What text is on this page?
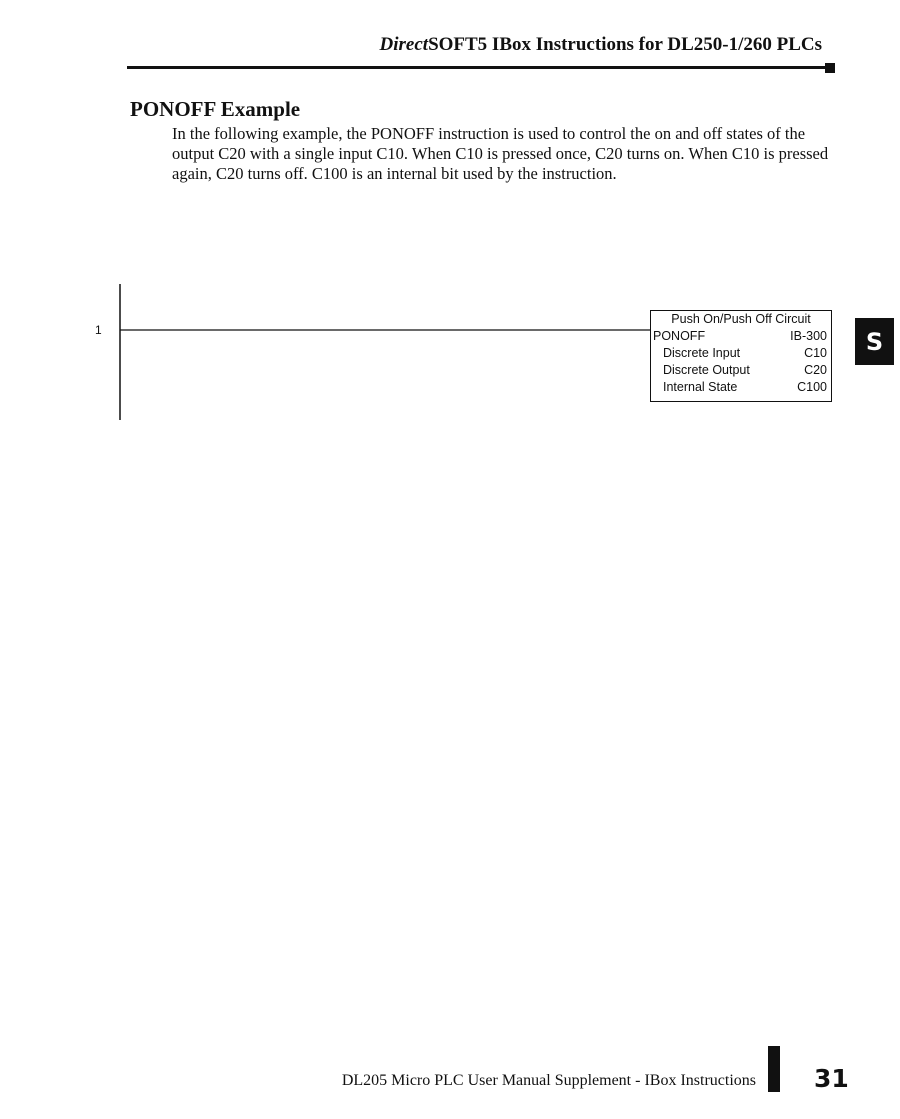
DirectSOFT5 IBox Instructions for DL250-1/260 PLCs
PONOFF Example

In the following example, the PONOFF instruction is used to control the on and off states of the output C20 with a single input C10. When C10 is pressed once, C20 turns on. When C10 is pressed again, C20 turns off. C100 is an internal bit used by the instruction.

1
Push On/Push Off Circuit
PONOFF	IB-300
Discrete Input	C10
Discrete Output	C20
Internal State	C100
S
DL205 Micro PLC User Manual Supplement - IBox Instructions 31
